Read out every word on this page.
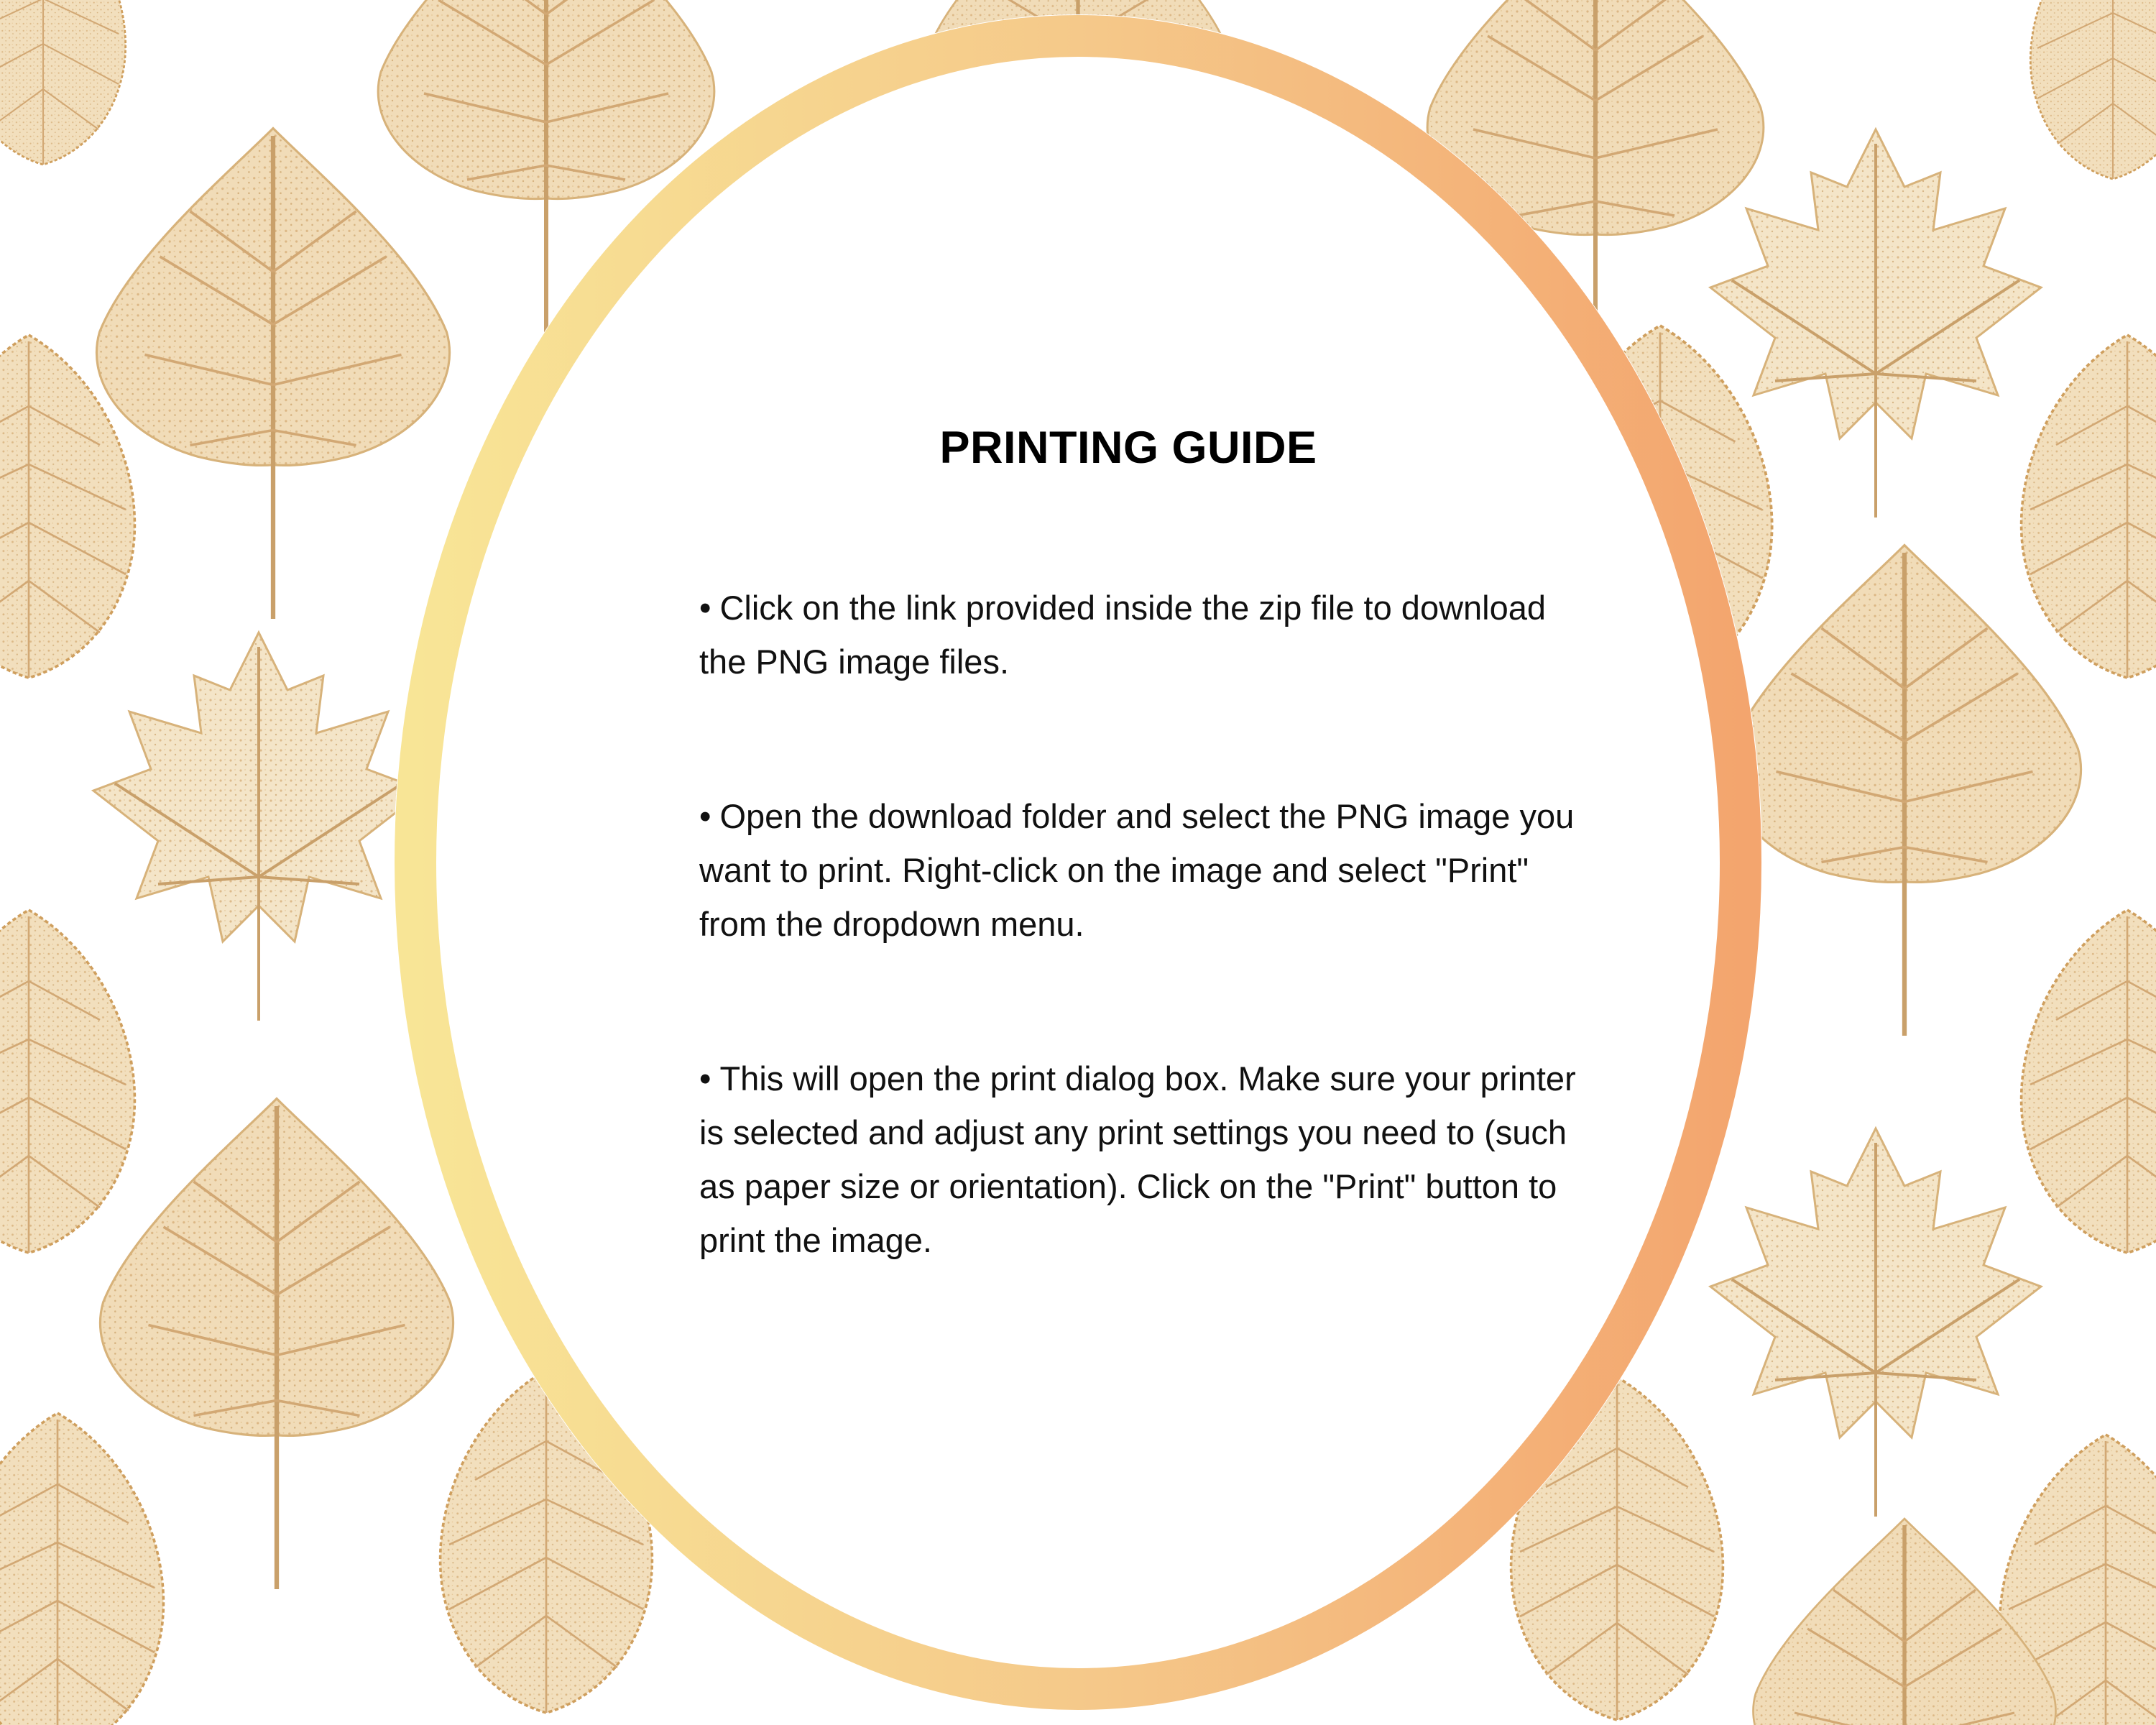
PRINTING GUIDE
• Click on the link provided inside the zip file to download the PNG image files.
• Open the download folder and select the PNG image you want to print. Right-click on the image and select "Print" from the dropdown menu.
• This will open the print dialog box. Make sure your printer is selected and adjust any print settings you need to (such as paper size or orientation). Click on the "Print" button to print the image.
